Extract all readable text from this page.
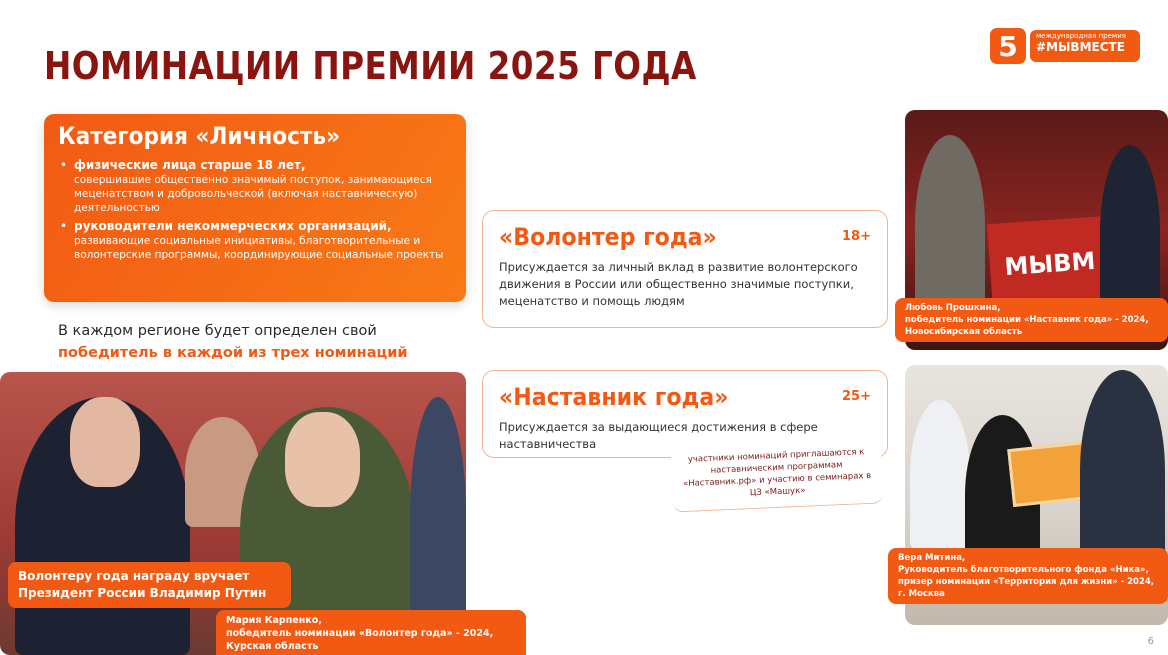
НОМИНАЦИИ ПРЕМИИ 2025 ГОДА	5	международная премия
#МЫВМЕСТЕ
Категория «Личность»
• физические лица старше 18 лет,
совершившие общественно значимый поступок, занимающиеся меценатством и добровольческой (включая наставническую) деятельностью
• руководители некоммерческих организаций,
развивающие социальные инициативы, благотворительные и волонтерские программы, координирующие социальные проекты
В каждом регионе будет определен свой
победитель в каждой из трех номинаций
«Волонтер года»	18+
Присуждается за личный вклад в развитие волонтерского движения в России или общественно значимые поступки, меценатство и помощь людям
«Наставник года»	25+
Присуждается за выдающиеся достижения в сфере наставничества
участники номинаций приглашаются к наставническим программам «Наставник.рф» и участию в семинарах в ЦЗ «Машук»
МЫВМ
Любовь Прошкина,
победитель номинации «Наставник года» - 2024,
Новосибирская область
Вера Митина,
Руководитель благотворительного фонда «Ника»,
призер номинации «Территория для жизни» - 2024,
г. Москва
Волонтеру года награду вручает
Президент России Владимир Путин
Мария Карпенко,
победитель номинации «Волонтер года» - 2024,
Курская область	6
